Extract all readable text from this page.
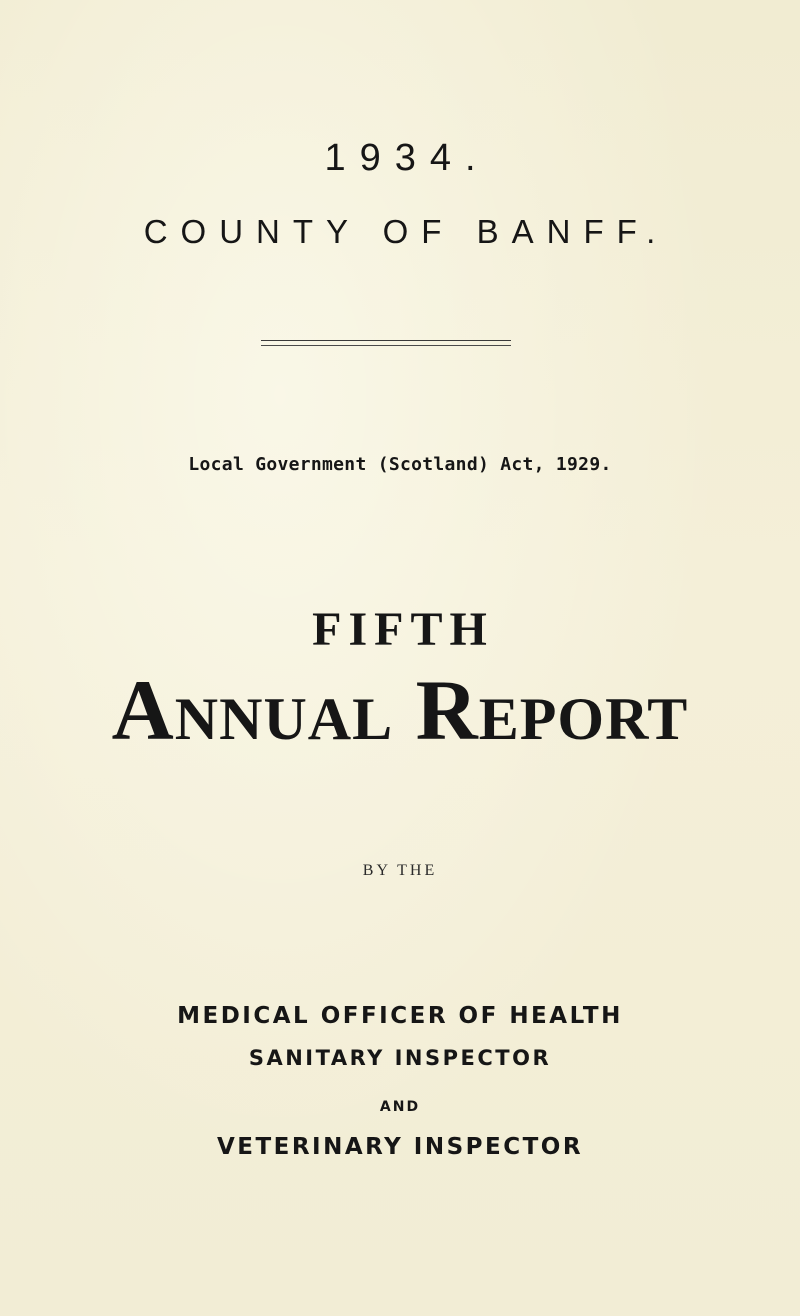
1934.
COUNTY OF BANFF.
Local Government (Scotland) Act, 1929.
FIFTH
Annual Report
BY THE
MEDICAL OFFICER OF HEALTH
SANITARY INSPECTOR
AND
VETERINARY INSPECTOR
